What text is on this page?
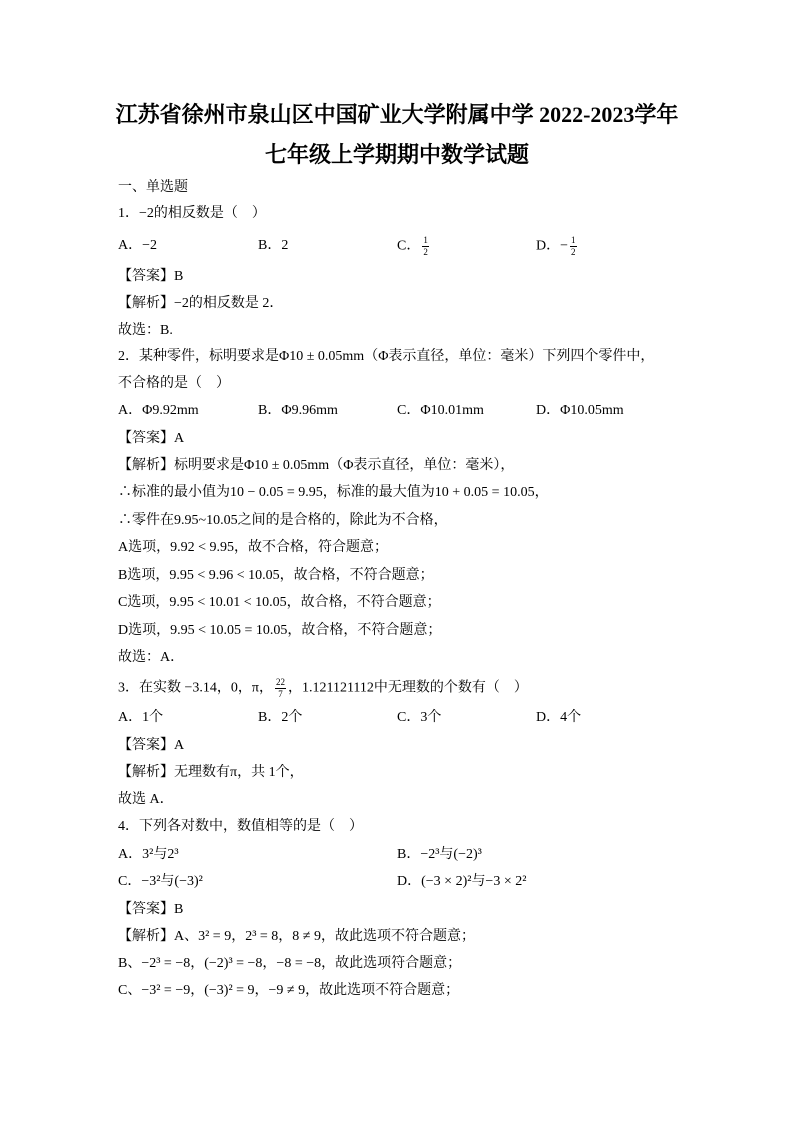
江苏省徐州市泉山区中国矿业大学附属中学 2022-2023学年
七年级上学期期中数学试题
一、单选题
1．−2的相反数是（　）
A．−2	B．2	C． $\frac{1}{2}$	D．− $\frac{1}{2}$
【答案】B
【解析】−2的相反数是 2．
故选：B.
2．某种零件，标明要求是Φ10 ± 0.05mm（Φ表示直径，单位：毫米）下列四个零件中，
不合格的是（　）
A．Φ9.92mm	B．Φ9.96mm	C．Φ10.01mm	D．Φ10.05mm
【答案】A
【解析】标明要求是Φ10 ± 0.05mm（Φ表示直径，单位：毫米），
∴标准的最小值为10 − 0.05 = 9.95，标准的最大值为10 + 0.05 = 10.05，
∴零件在9.95~10.05之间的是合格的，除此为不合格，
A选项，9.92 < 9.95，故不合格，符合题意；
B选项，9.95 < 9.96 < 10.05，故合格，不符合题意；
C选项，9.95 < 10.01 < 10.05，故合格，不符合题意；
D选项，9.95 < 10.05 = 10.05，故合格，不符合题意；
故选：A．
3．在实数 −3.14，0，π， $\frac{22}{7}$ ，1.121121112中无理数的个数有（　）
A．1个	B．2个	C．3个	D．4个
【答案】A
【解析】无理数有π，共 1个，
故选 A．
4．下列各对数中，数值相等的是（　）
A．3²与2³	B．−2³与(−2)³
C．−3²与(−3)²	D．(−3 × 2)²与−3 × 2²
【答案】B
【解析】A、3² = 9，2³ = 8，8 ≠ 9，故此选项不符合题意；
B、−2³ = −8，(−2)³ = −8，−8 = −8，故此选项符合题意；
C、−3² = −9，(−3)² = 9，−9 ≠ 9，故此选项不符合题意；
